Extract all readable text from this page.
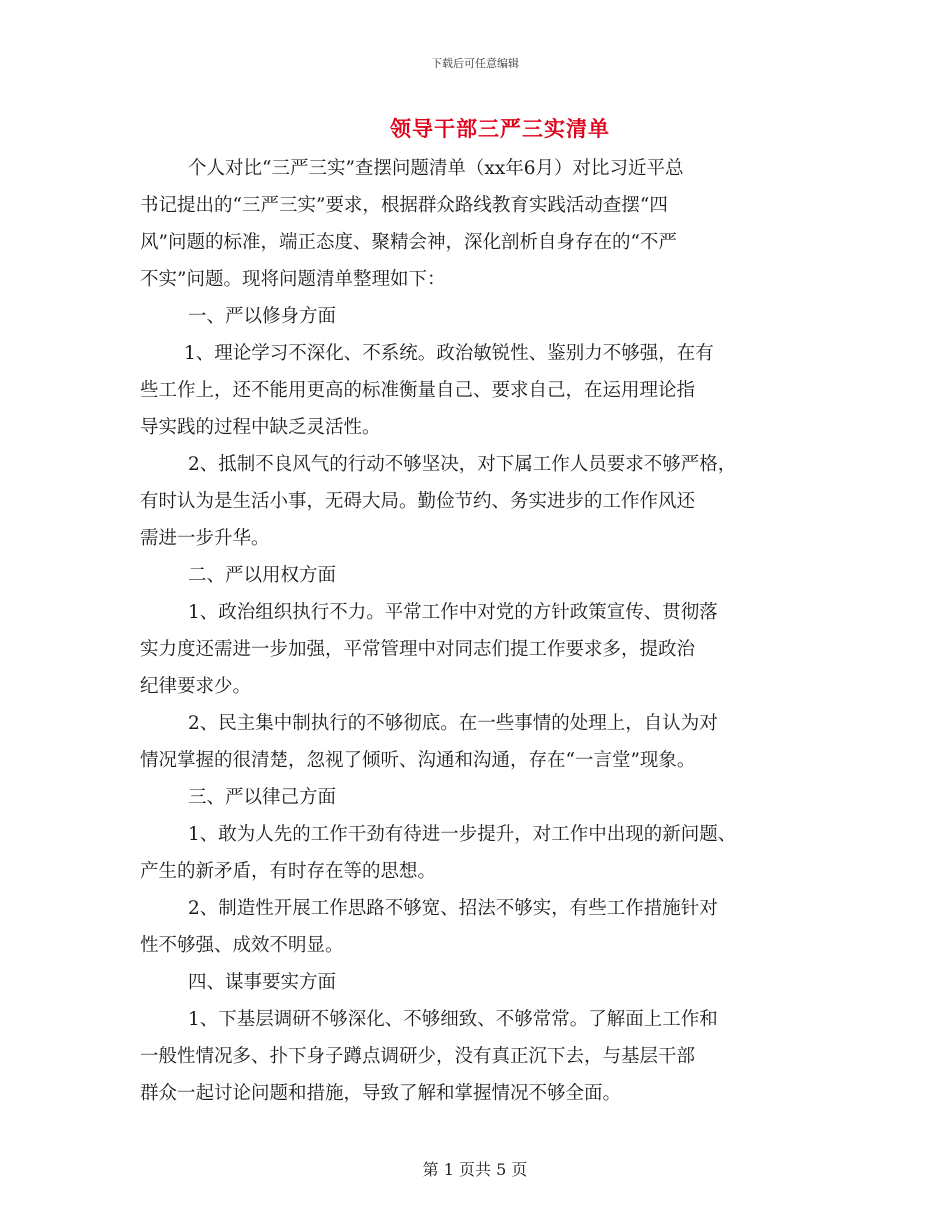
下载后可任意编辑
领导干部三严三实清单
个人对比“三严三实”查摆问题清单（xx年6月）对比习近平总
书记提出的“三严三实”要求，根据群众路线教育实践活动查摆“四
风”问题的标准，端正态度、聚精会神，深化剖析自身存在的“不严
不实”问题。现将问题清单整理如下：
一、严以修身方面
1、理论学习不深化、不系统。政治敏锐性、鉴别力不够强，在有
些工作上，还不能用更高的标准衡量自己、要求自己，在运用理论指
导实践的过程中缺乏灵活性。
2、抵制不良风气的行动不够坚决，对下属工作人员要求不够严格，
有时认为是生活小事，无碍大局。勤俭节约、务实进步的工作作风还
需进一步升华。
二、严以用权方面
1、政治组织执行不力。平常工作中对党的方针政策宣传、贯彻落
实力度还需进一步加强，平常管理中对同志们提工作要求多，提政治
纪律要求少。
2、民主集中制执行的不够彻底。在一些事情的处理上，自认为对
情况掌握的很清楚，忽视了倾听、沟通和沟通，存在“一言堂”现象。
三、严以律己方面
1、敢为人先的工作干劲有待进一步提升，对工作中出现的新问题、
产生的新矛盾，有时存在等的思想。
2、制造性开展工作思路不够宽、招法不够实，有些工作措施针对
性不够强、成效不明显。
四、谋事要实方面
1、下基层调研不够深化、不够细致、不够常常。了解面上工作和
一般性情况多、扑下身子蹲点调研少，没有真正沉下去，与基层干部
群众一起讨论问题和措施，导致了解和掌握情况不够全面。
第 1 页共 5 页
